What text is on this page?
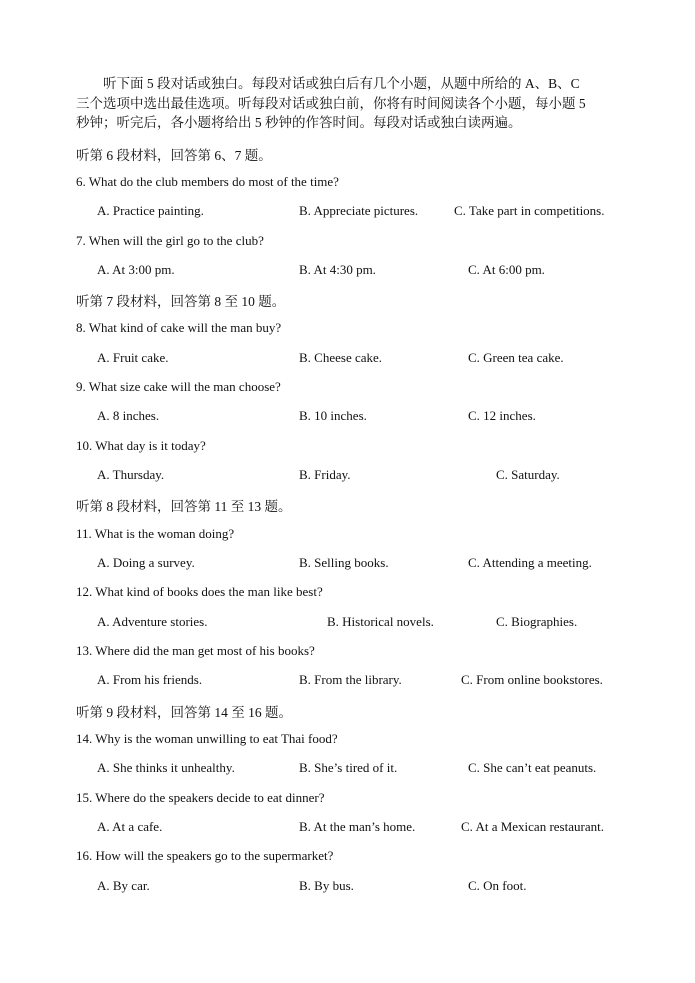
听下面 5 段对话或独白。每段对话或独白后有几个小题，从题中所给的 A、B、C

三个选项中选出最佳选项。听每段对话或独白前，你将有时间阅读各个小题，每小题 5

秒钟；听完后，各小题将给出 5 秒钟的作答时间。每段对话或独白读两遍。

听第 6 段材料，回答第 6、7 题。
6. What do the club members do most of the time?
A. Practice painting.	B. Appreciate pictures.	C. Take part in competitions.
7. When will the girl go to the club?
A. At 3:00 pm.	B. At 4:30 pm.	C. At 6:00 pm.
听第 7 段材料，回答第 8 至 10 题。
8. What kind of cake will the man buy?
A. Fruit cake.	B. Cheese cake.	C. Green tea cake.
9. What size cake will the man choose?
A. 8 inches.	B. 10 inches.	C. 12 inches.
10. What day is it today?
A. Thursday.	B. Friday.	C. Saturday.
听第 8 段材料，回答第 11 至 13 题。
11. What is the woman doing?
A. Doing a survey.	B. Selling books.	C. Attending a meeting.
12. What kind of books does the man like best?
A. Adventure stories.	B. Historical novels.	C. Biographies.
13. Where did the man get most of his books?
A. From his friends.	B. From the library.	C. From online bookstores.
听第 9 段材料，回答第 14 至 16 题。
14. Why is the woman unwilling to eat Thai food?
A. She thinks it unhealthy.	B. She’s tired of it.	C. She can’t eat peanuts.
15. Where do the speakers decide to eat dinner?
A. At a cafe.	B. At the man’s home.	C. At a Mexican restaurant.
16. How will the speakers go to the supermarket?
A. By car.	B. By bus.	C. On foot.
